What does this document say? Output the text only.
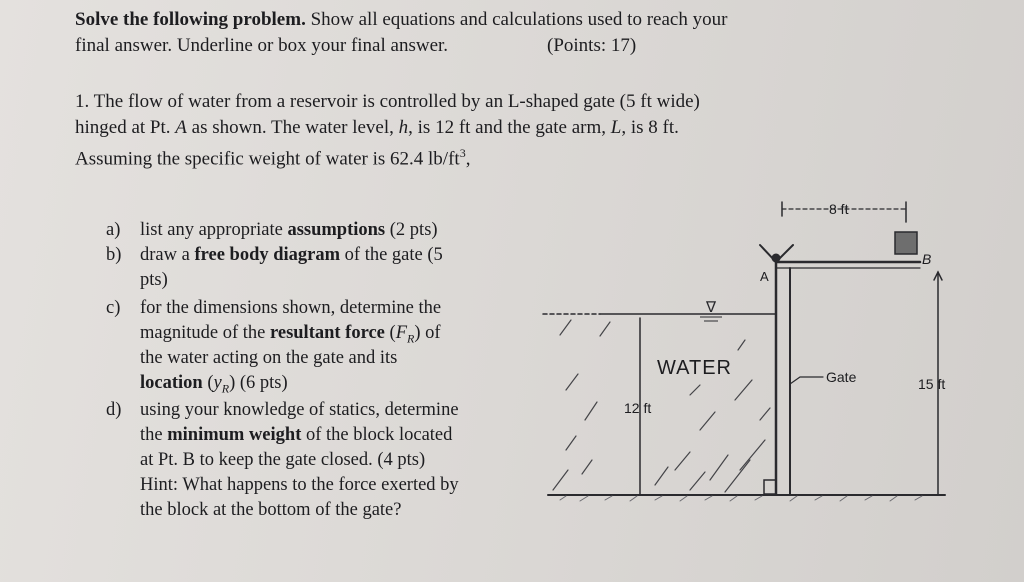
Solve the following problem. Show all equations and calculations used to reach your
final answer. Underline or box your final answer.	(Points: 17)
1. The flow of water from a reservoir is controlled by an L-shaped gate (5 ft wide)
hinged at Pt. A as shown. The water level, h, is 12 ft and the gate arm, L, is 8 ft.
Assuming the specific weight of water is 62.4 $lb/ft^3$,
a) list any appropriate assumptions (2 pts)
b) draw a free body diagram of the gate (5
pts)
c) for the dimensions shown, determine the
magnitude of the resultant force $(F_R)$ of
the water acting on the gate and its
location $(y_R)$ (6 pts)
d) using your knowledge of statics, determine
the minimum weight of the block located
at Pt. B to keep the gate closed. (4 pts)
Hint: What happens to the force exerted by
the block at the bottom of the gate?
∇
8 ft
A
B
WATER
12 ft
Gate	15 ft
